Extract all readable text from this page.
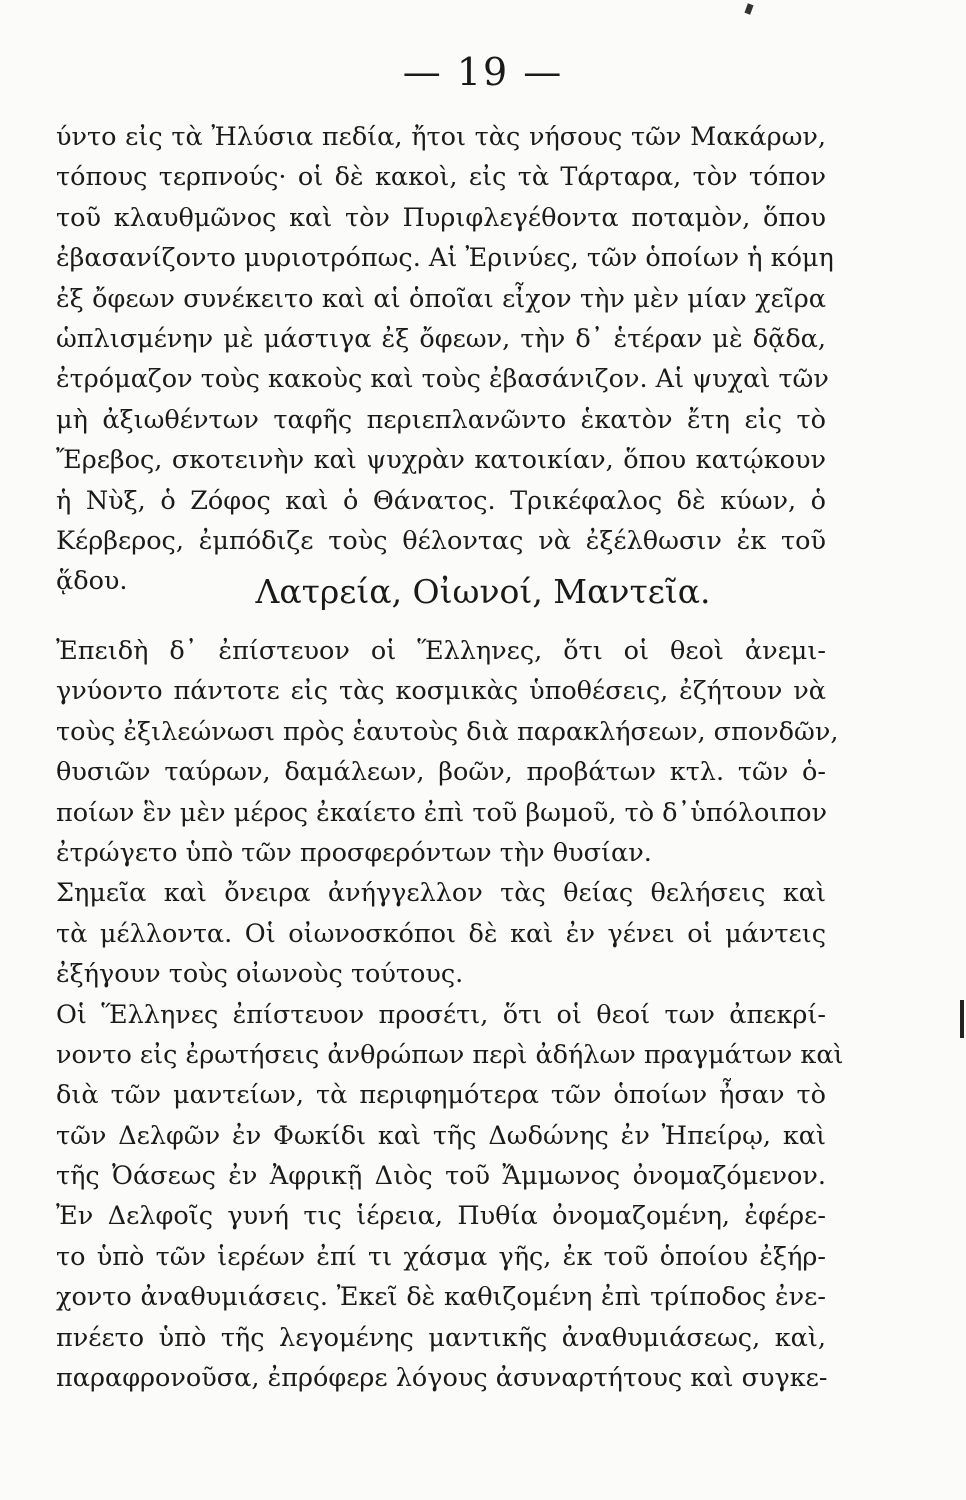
— 19 —
ύντο εἰς τὰ Ἠλύσια πεδία, ἤτοι τὰς νήσους τῶν Μακάρων,
τόπους τερπνούς· οἱ δὲ κακοὶ, εἰς τὰ Τάρταρα, τὸν τόπον
τοῦ κλαυθμῶνος καὶ τὸν Πυριφλεγέθοντα ποταμὸν, ὅπου
ἐβασανίζοντο μυριοτρόπως. Αἱ Ἐρινύες, τῶν ὁποίων ἡ κόμη
ἐξ ὄφεων συνέκειτο καὶ αἱ ὁποῖαι εἶχον τὴν μὲν μίαν χεῖρα
ὡπλισμένην μὲ μάστιγα ἐξ ὄφεων, τὴν δ᾽ ἑτέραν μὲ δᾷδα,
ἐτρόμαζον τοὺς κακοὺς καὶ τοὺς ἐβασάνιζον. Αἱ ψυχαὶ τῶν
μὴ ἀξιωθέντων ταφῆς περιεπλανῶντο ἑκατὸν ἔτη εἰς τὸ
Ἔρεβος, σκοτεινὴν καὶ ψυχρὰν κατοικίαν, ὅπου κατῴκουν
ἡ Νὺξ, ὁ Ζόφος καὶ ὁ Θάνατος. Τρικέφαλος δὲ κύων, ὁ
Κέρβερος, ἐμπόδιζε τοὺς θέλοντας νὰ ἐξέλθωσιν ἐκ τοῦ
ᾅδου.	Λατρεία, Οἰωνοί, Μαντεῖα.
Ἐπειδὴ δ᾽ ἐπίστευον οἱ Ἕλληνες, ὅτι οἱ θεοὶ ἀνεμι-
γνύοντο πάντοτε εἰς τὰς κοσμικὰς ὑποθέσεις, ἐζήτουν νὰ
τοὺς ἐξιλεώνωσι πρὸς ἑαυτοὺς διὰ παρακλήσεων, σπονδῶν,
θυσιῶν ταύρων, δαμάλεων, βοῶν, προβάτων κτλ. τῶν ὁ-
ποίων ἓν μὲν μέρος ἐκαίετο ἐπὶ τοῦ βωμοῦ, τὸ δ᾽ὑπόλοιπον
ἐτρώγετο ὑπὸ τῶν προσφερόντων τὴν θυσίαν.
Σημεῖα καὶ ὄνειρα ἀνήγγελλον τὰς θείας θελήσεις καὶ
τὰ μέλλοντα. Οἱ οἰωνοσκόποι δὲ καὶ ἐν γένει οἱ μάντεις
ἐξήγουν τοὺς οἰωνοὺς τούτους.
Οἱ Ἕλληνες ἐπίστευον προσέτι, ὅτι οἱ θεοί των ἀπεκρί-
νοντο εἰς ἐρωτήσεις ἀνθρώπων περὶ ἀδήλων πραγμάτων καὶ
διὰ τῶν μαντείων, τὰ περιφημότερα τῶν ὁποίων ἦσαν τὸ
τῶν Δελφῶν ἐν Φωκίδι καὶ τῆς Δωδώνης ἐν Ἠπείρῳ, καὶ
τῆς Ὀάσεως ἐν Ἀφρικῇ Διὸς τοῦ Ἄμμωνος ὀνομαζόμενον.
Ἐν Δελφοῖς γυνή τις ἱέρεια, Πυθία ὀνομαζομένη, ἐφέρε-
το ὑπὸ τῶν ἱερέων ἐπί τι χάσμα γῆς, ἐκ τοῦ ὁποίου ἐξήρ-
χοντο ἀναθυμιάσεις. Ἐκεῖ δὲ καθιζομένη ἐπὶ τρίποδος ἐνε-
πνέετο ὑπὸ τῆς λεγομένης μαντικῆς ἀναθυμιάσεως, καὶ,
παραφρονοῦσα, ἐπρόφερε λόγους ἀσυναρτήτους καὶ συγκε-
